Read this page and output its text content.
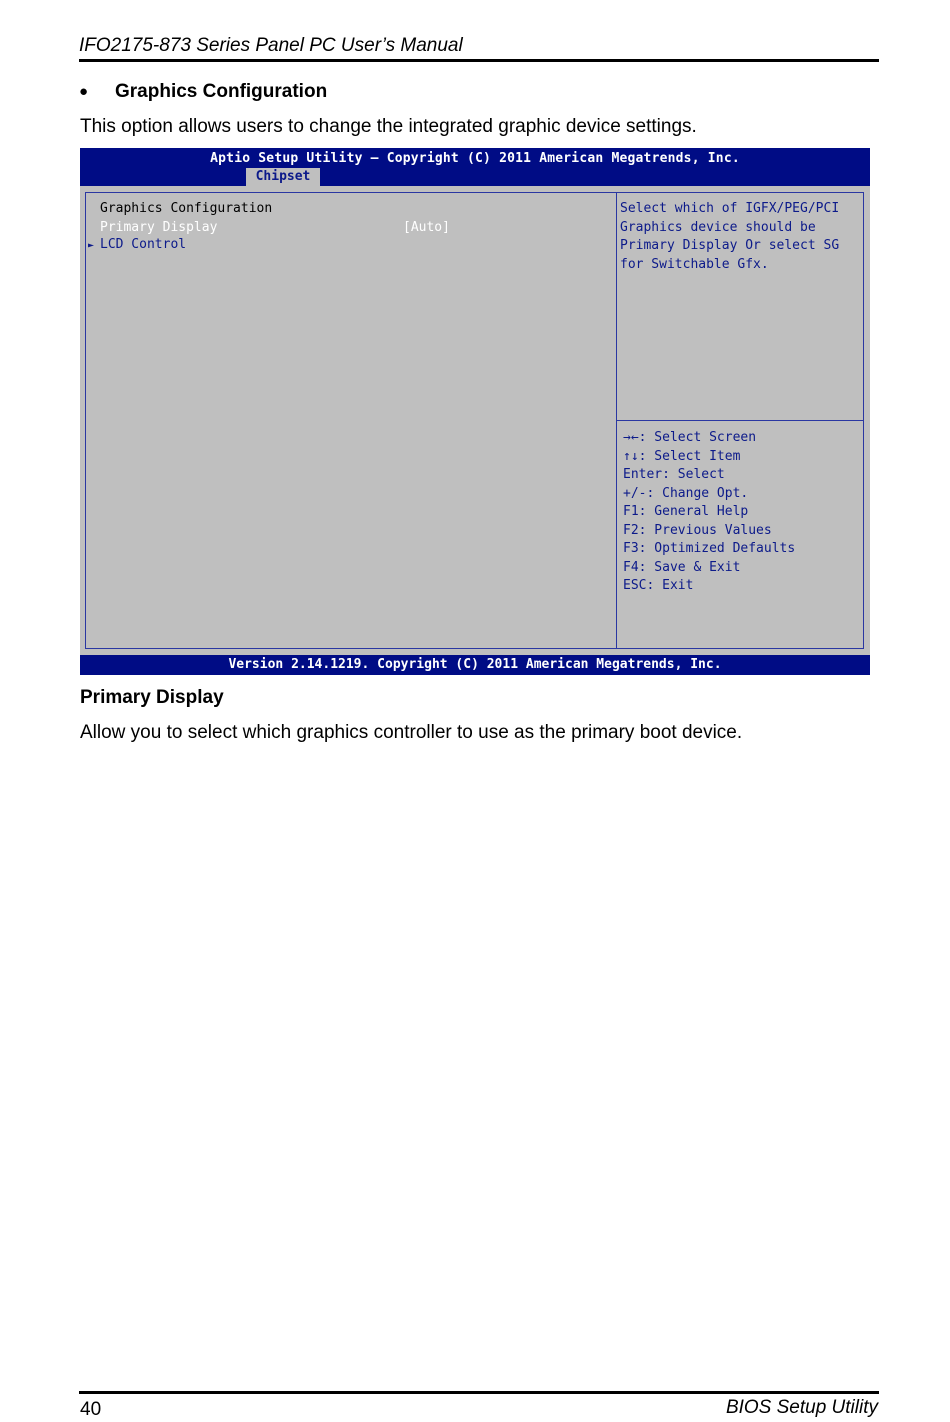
IFO2175-873 Series Panel PC User’s Manual
● Graphics Configuration
This option allows users to change the integrated graphic device settings.
Aptio Setup Utility – Copyright (C) 2011 American Megatrends, Inc.
Chipset
Graphics Configuration
Primary Display	[Auto]
► LCD Control
Select which of IGFX/PEG/PCI
Graphics device should be
Primary Display Or select SG
for Switchable Gfx.
→←: Select Screen
↑↓: Select Item
Enter: Select
+/-: Change Opt.
F1: General Help
F2: Previous Values
F3: Optimized Defaults
F4: Save & Exit
ESC: Exit
Version 2.14.1219. Copyright (C) 2011 American Megatrends, Inc.
Primary Display
Allow you to select which graphics controller to use as the primary boot device.
40	BIOS Setup Utility
